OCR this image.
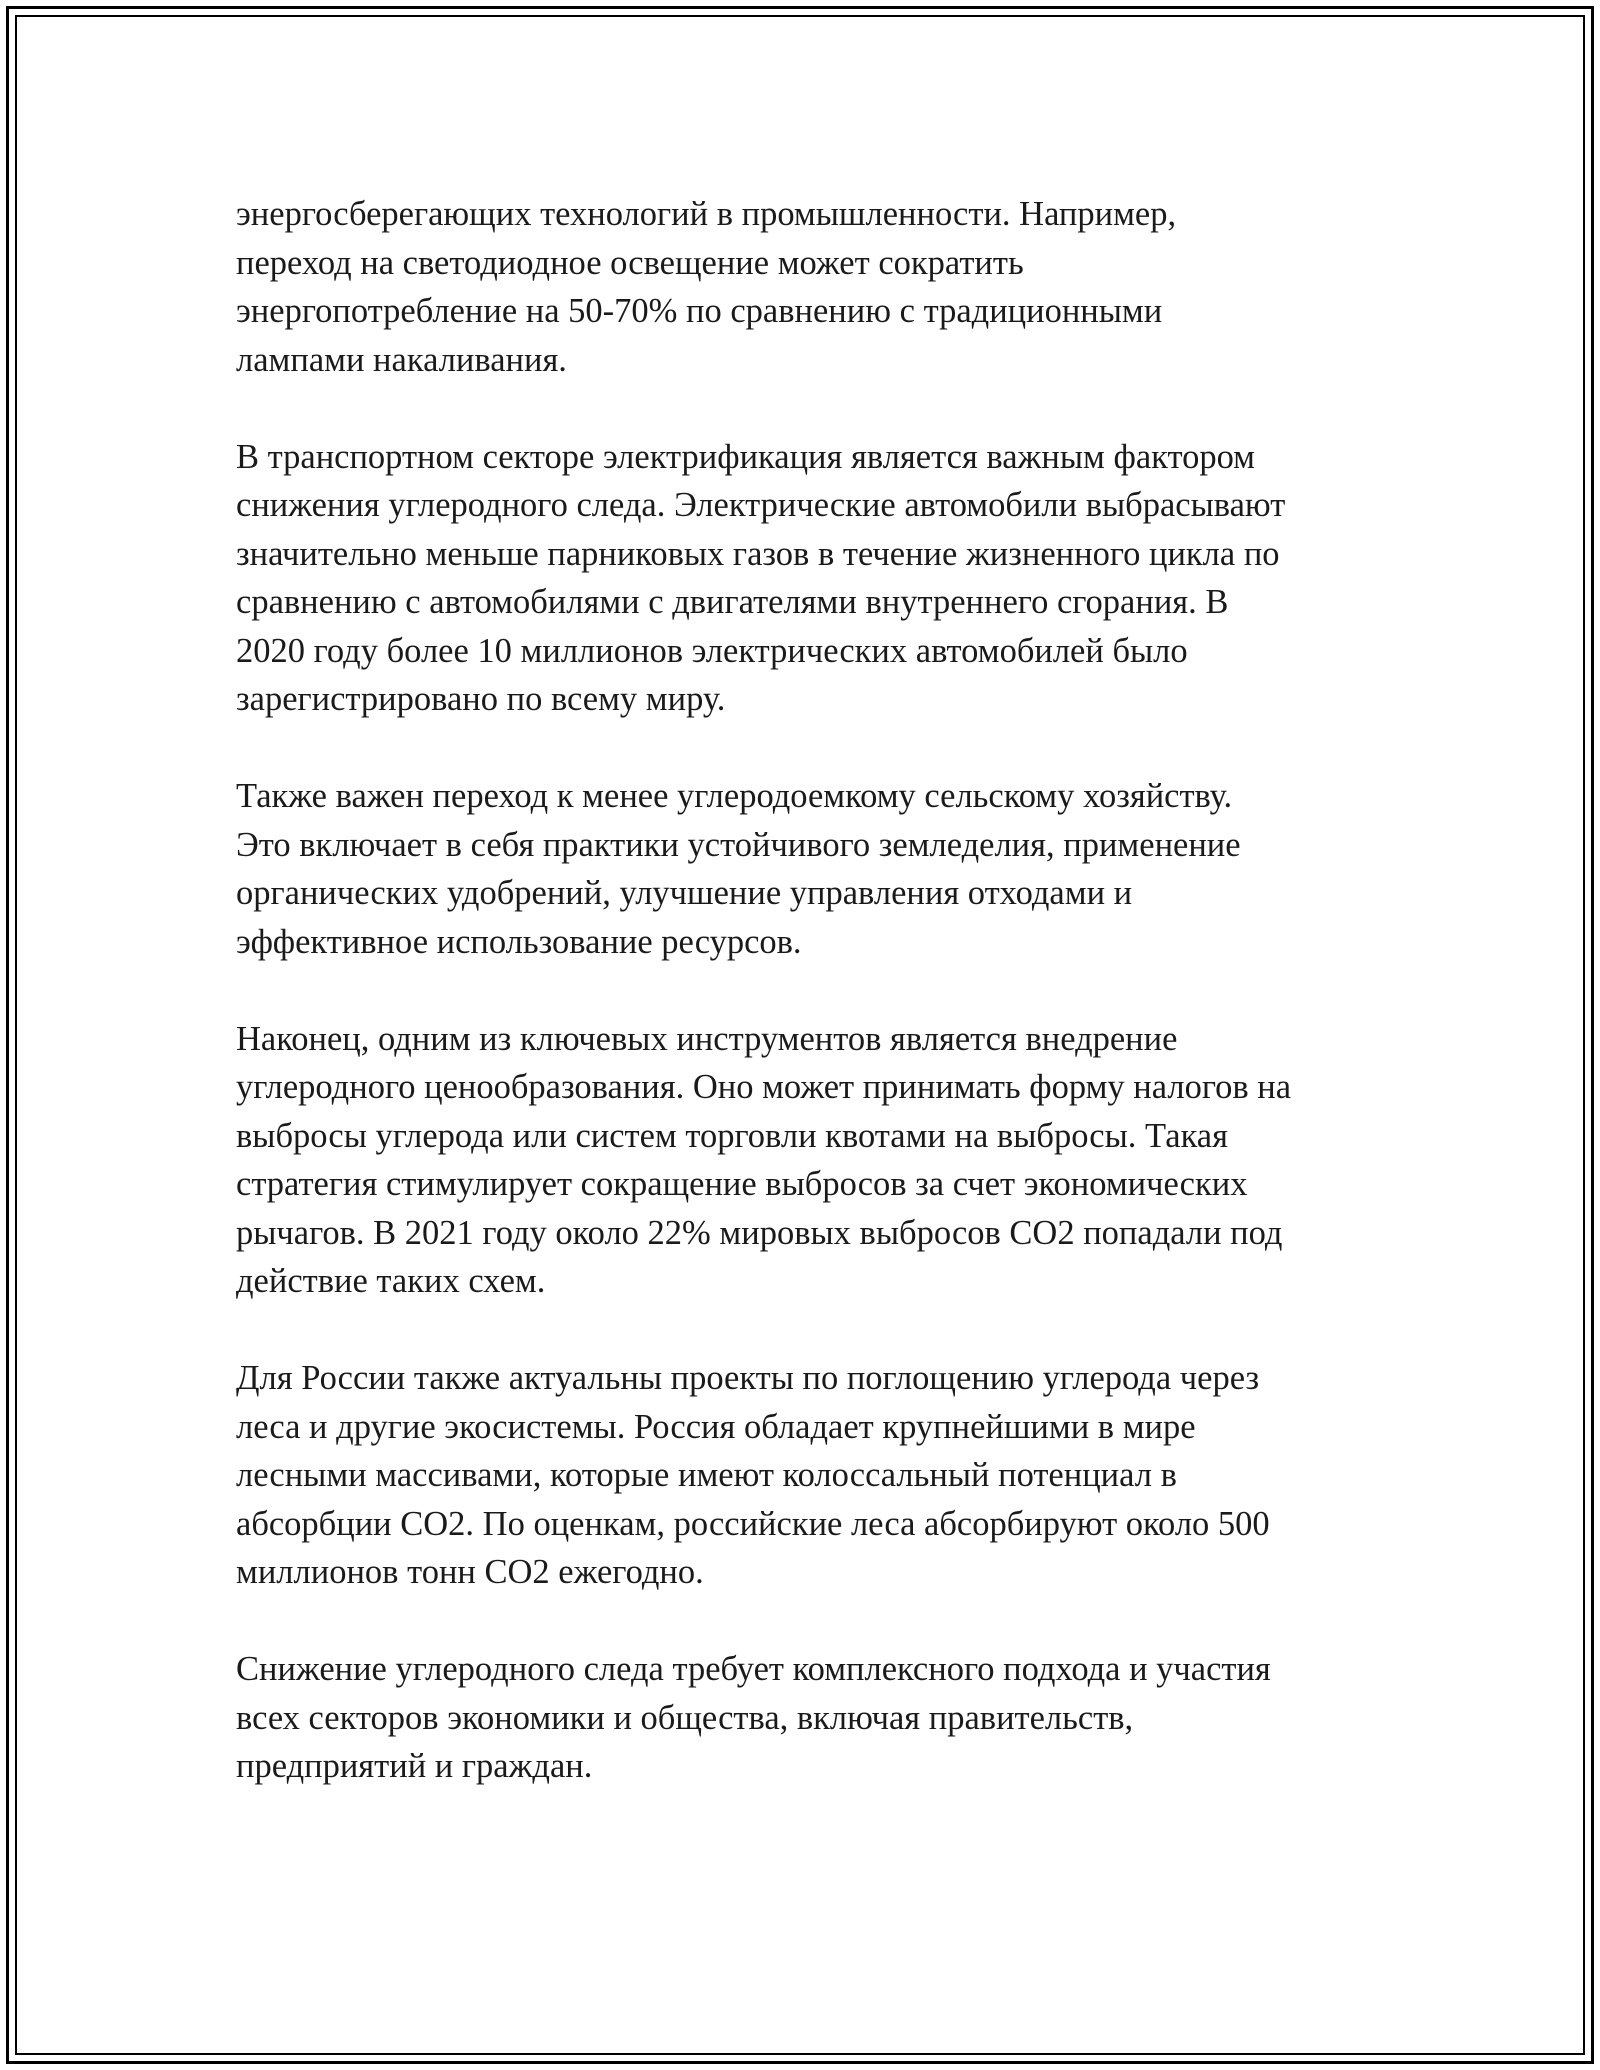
энергосберегающих технологий в промышленности. Например,
переход на светодиодное освещение может сократить
энергопотребление на 50-70% по сравнению с традиционными
лампами накаливания.

В транспортном секторе электрификация является важным фактором
снижения углеродного следа. Электрические автомобили выбрасывают
значительно меньше парниковых газов в течение жизненного цикла по
сравнению с автомобилями с двигателями внутреннего сгорания. В
2020 году более 10 миллионов электрических автомобилей было
зарегистрировано по всему миру.

Также важен переход к менее углеродоемкому сельскому хозяйству.
Это включает в себя практики устойчивого земледелия, применение
органических удобрений, улучшение управления отходами и
эффективное использование ресурсов.

Наконец, одним из ключевых инструментов является внедрение
углеродного ценообразования. Оно может принимать форму налогов на
выбросы углерода или систем торговли квотами на выбросы. Такая
стратегия стимулирует сокращение выбросов за счет экономических
рычагов. В 2021 году около 22% мировых выбросов CO2 попадали под
действие таких схем.

Для России также актуальны проекты по поглощению углерода через
леса и другие экосистемы. Россия обладает крупнейшими в мире
лесными массивами, которые имеют колоссальный потенциал в
абсорбции CO2. По оценкам, российские леса абсорбируют около 500
миллионов тонн CO2 ежегодно.

Снижение углеродного следа требует комплексного подхода и участия
всех секторов экономики и общества, включая правительств,
предприятий и граждан.
